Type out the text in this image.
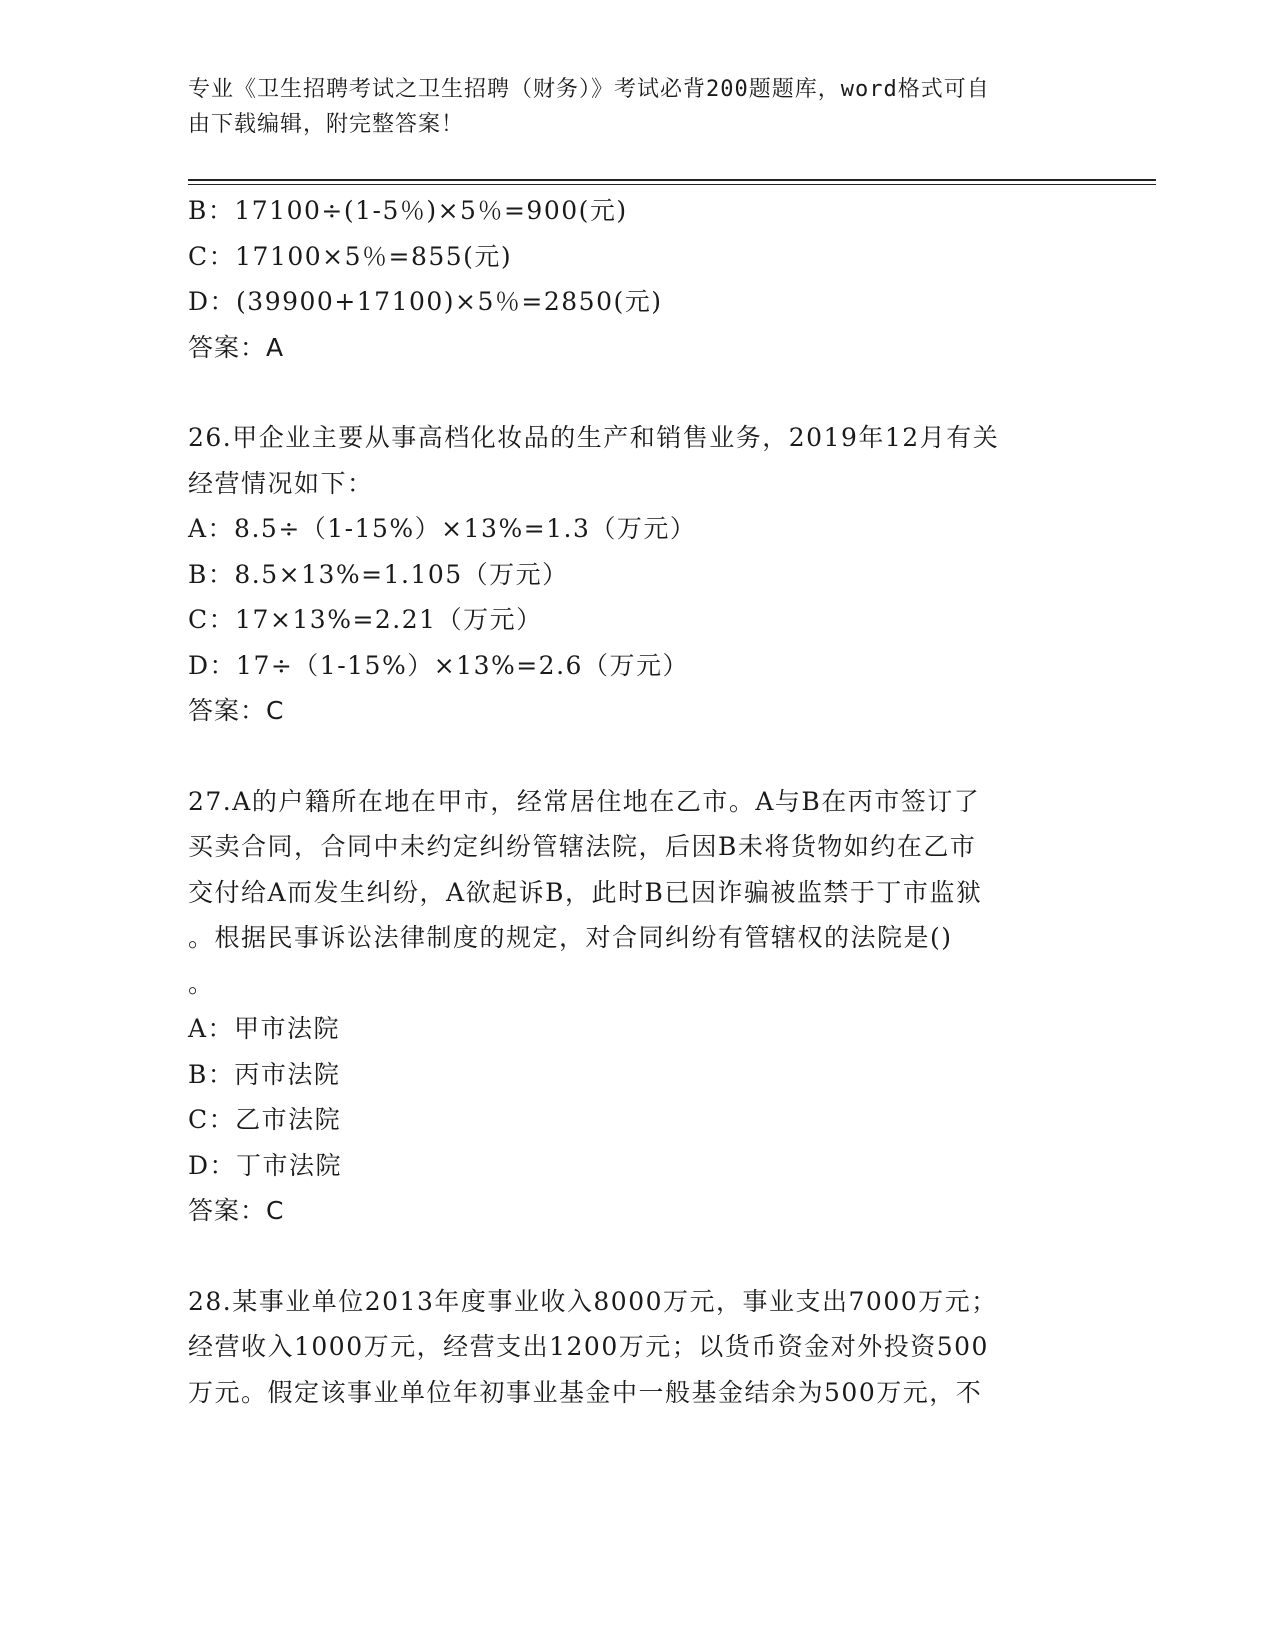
专业《卫生招聘考试之卫生招聘（财务）》考试必背200题题库，word格式可自
由下载编辑，附完整答案！
B：17100÷(1-5％)×5％=900(元)
C：17100×5％=855(元)
D：(39900+17100)×5％=2850(元)
答案：A
26.甲企业主要从事高档化妆品的生产和销售业务，2019年12月有关
经营情况如下：
A：8.5÷（1-15%）×13%=1.3（万元）
B：8.5×13%=1.105（万元）
C：17×13%=2.21（万元）
D：17÷（1-15%）×13%=2.6（万元）
答案：C
27.A的户籍所在地在甲市，经常居住地在乙市。A与B在丙市签订了
买卖合同，合同中未约定纠纷管辖法院，后因B未将货物如约在乙市
交付给A而发生纠纷，A欲起诉B，此时B已因诈骗被监禁于丁市监狱
。根据民事诉讼法律制度的规定，对合同纠纷有管辖权的法院是()
。
A：甲市法院
B：丙市法院
C：乙市法院
D：丁市法院
答案：C
28.某事业单位2013年度事业收入8000万元，事业支出7000万元；
经营收入1000万元，经营支出1200万元；以货币资金对外投资500
万元。假定该事业单位年初事业基金中一般基金结余为500万元，不
